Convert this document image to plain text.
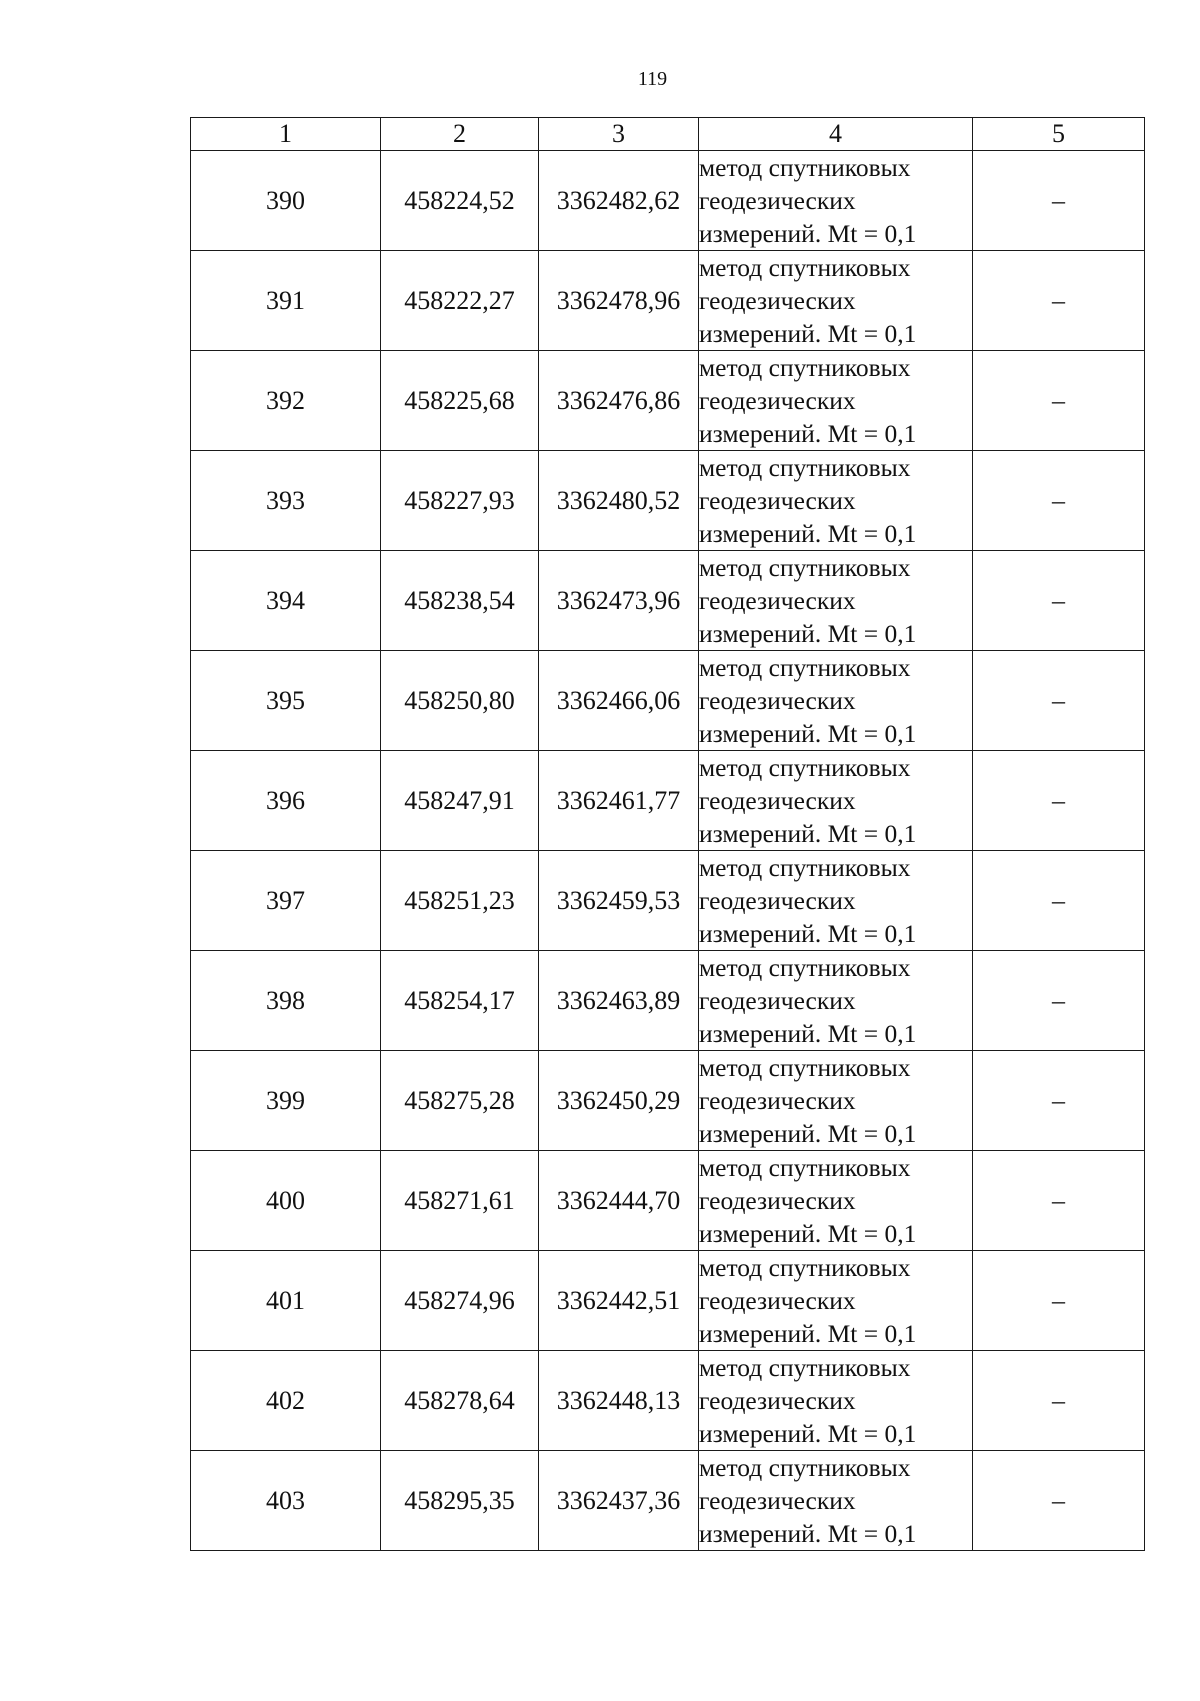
119
1	2	3	4	5
390	458224,52	3362482,62	метод спутниковых
геодезических
измерений. Mt = 0,1	–
391	458222,27	3362478,96	метод спутниковых
геодезических
измерений. Mt = 0,1	–
392	458225,68	3362476,86	метод спутниковых
геодезических
измерений. Mt = 0,1	–
393	458227,93	3362480,52	метод спутниковых
геодезических
измерений. Mt = 0,1	–
394	458238,54	3362473,96	метод спутниковых
геодезических
измерений. Mt = 0,1	–
395	458250,80	3362466,06	метод спутниковых
геодезических
измерений. Mt = 0,1	–
396	458247,91	3362461,77	метод спутниковых
геодезических
измерений. Mt = 0,1	–
397	458251,23	3362459,53	метод спутниковых
геодезических
измерений. Mt = 0,1	–
398	458254,17	3362463,89	метод спутниковых
геодезических
измерений. Mt = 0,1	–
399	458275,28	3362450,29	метод спутниковых
геодезических
измерений. Mt = 0,1	–
400	458271,61	3362444,70	метод спутниковых
геодезических
измерений. Mt = 0,1	–
401	458274,96	3362442,51	метод спутниковых
геодезических
измерений. Mt = 0,1	–
402	458278,64	3362448,13	метод спутниковых
геодезических
измерений. Mt = 0,1	–
403	458295,35	3362437,36	метод спутниковых
геодезических
измерений. Mt = 0,1	–
